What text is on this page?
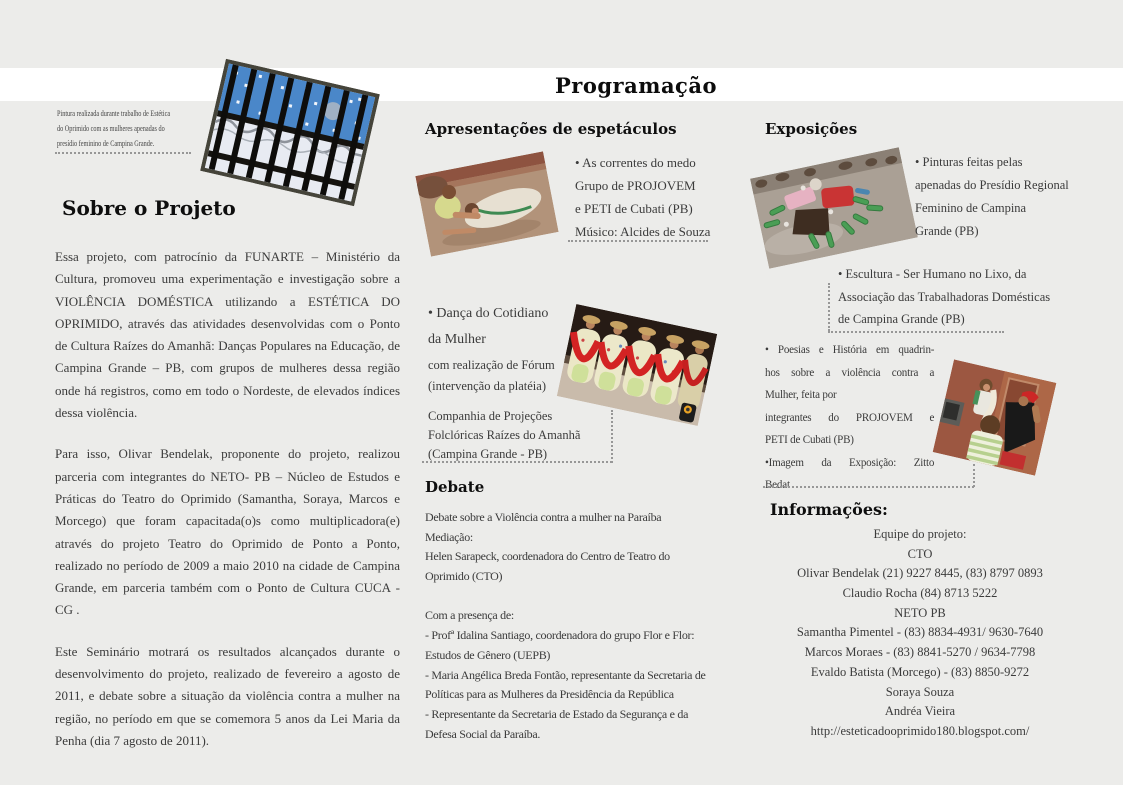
Programação
Pintura realizada durante trabalho de Estética
do Oprimido com as mulheres apenadas do
presídio feminino de Campina Grande.
Sobre o Projeto

Essa projeto, com patrocínio da FUNARTE – Ministério da Cultura, promoveu uma experimentação e investigação sobre a VIOLÊNCIA DOMÉSTICA utilizando a ESTÉTICA DO OPRIMIDO, através das atividades desenvolvidas com o Ponto de Cultura Raízes do Amanhã: Danças Populares na Educação, de Campina Grande – PB, com grupos de mulheres dessa região onde há registros, como em todo o Nordeste, de elevados índices dessa violência.

Para isso, Olivar Bendelak, proponente do projeto, realizou parceria com integrantes do NETO- PB – Núcleo de Estudos e Práticas do Teatro do Oprimido (Samantha, Soraya, Marcos e Morcego) que foram capacitada(o)s como multiplicadora(e) através do projeto Teatro do Oprimido de Ponto a Ponto, realizado no período de 2009 a maio 2010 na cidade de Campina Grande, em parceria também com o Ponto de Cultura CUCA - CG .

Este Seminário motrará os resultados alcançados durante o desenvolvimento do projeto, realizado de fevereiro a agosto de 2011, e debate sobre a situação da violência contra a mulher na região, no período em que se comemora 5 anos da Lei Maria da Penha (dia 7 agosto de 2011).

Apresentações de espetáculos
• As correntes do medo
Grupo de PROJOVEM
e PETI de Cubati (PB)
Músico: Alcides de Souza
• Dança do Cotidiano
da Mulher
com realização de Fórum
(intervenção da platéia)
Companhia de Projeções
Folclóricas Raízes do Amanhã
(Campina Grande - PB)
Debate
Debate sobre a Violência contra a mulher na Paraíba
Mediação:
Helen Sarapeck, coordenadora do Centro de Teatro do
Oprimido (CTO)
Com a presença de:
- Profª Idalina Santiago, coordenadora do grupo Flor e Flor:
Estudos de Gênero (UEPB)
- Maria Angélica Breda Fontão, representante da Secretaria de
Políticas para as Mulheres da Presidência da República
- Representante da Secretaria de Estado da Segurança e da
Defesa Social da Paraíba.
Exposições
• Pinturas feitas pelas
apenadas do Presídio Regional
Feminino de Campina
Grande (PB)
• Escultura - Ser Humano no Lixo, da
Associação das Trabalhadoras Domésticas
de Campina Grande (PB)
• Poesias e História em quadrin-
hos sobre a violência contra a
Mulher, feita por
integrantes do PROJOVEM e
PETI de Cubati (PB)
•Imagem da Exposição: Zitto
Bedat
Informações:
Equipe do projeto:
CTO
Olivar Bendelak (21) 9227 8445, (83) 8797 0893
Claudio Rocha (84) 8713 5222
NETO PB
Samantha Pimentel - (83) 8834-4931/ 9630-7640
Marcos Moraes - (83) 8841-5270 / 9634-7798
Evaldo Batista (Morcego) - (83) 8850-9272
Soraya Souza
Andréa Vieira
http://esteticadooprimido180.blogspot.com/
